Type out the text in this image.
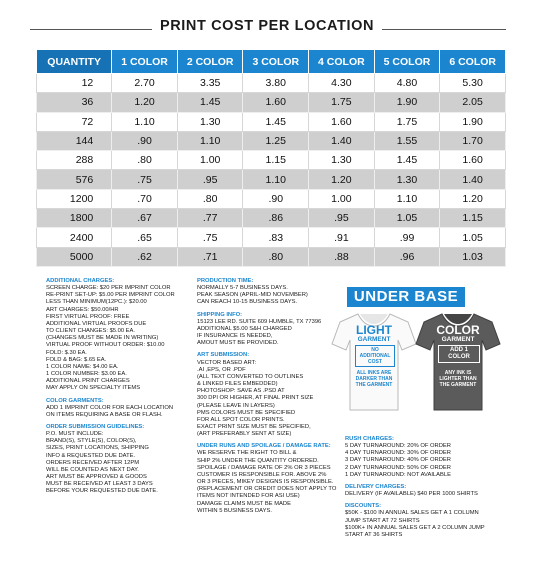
PRINT COST PER LOCATION
QUANTITY	1 COLOR	2 COLOR	3 COLOR	4 COLOR	5 COLOR	6 COLOR
12	2.70	3.35	3.80	4.30	4.80	5.30
36	1.20	1.45	1.60	1.75	1.90	2.05
72	1.10	1.30	1.45	1.60	1.75	1.90
144	.90	1.10	1.25	1.40	1.55	1.70
288	.80	1.00	1.15	1.30	1.45	1.60
576	.75	.95	1.10	1.20	1.30	1.40
1200	.70	.80	.90	1.00	1.10	1.20
1800	.67	.77	.86	.95	1.05	1.15
2400	.65	.75	.83	.91	.99	1.05
5000	.62	.71	.80	.88	.96	1.03

ADDITIONAL CHARGES:

SCREEN CHARGE: $20 PER IMPRINT COLOR

RE-PRINT SET-UP: $5.00 PER IMPRINT COLOR

LESS THAN MINIMUM(12PC.): $20.00

ART CHARGES: $50.00/HR

FIRST VIRTUAL PROOF: FREE

ADDITIONAL VIRTUAL PROOFS DUE

TO CLIENT CHANGES: $5.00 EA.

(CHANGES MUST BE MADE IN WRITING)

VIRTUAL PROOF WITHOUT ORDER: $10.00

FOLD: $.30 EA.

FOLD & BAG: $.65 EA.

1 COLOR NAME: $4.00 EA.

1 COLOR NUMBER: $3.00 EA.

ADDITIONAL PRINT CHARGES

MAY APPLY ON SPECIALTY ITEMS

COLOR GARMENTS:

ADD 1 IMPRINT COLOR FOR EACH LOCATION

ON ITEMS REQUIRING A BASE OR FLASH.

ORDER SUBMISSION GUIDELINES:

P.O. MUST INCLUDE:

BRAND(S), STYLE(S), COLOR(S),

SIZES, PRINT LOCATIONS, SHIPPING

INFO & REQUESTED DUE DATE.

ORDERS RECEIVED AFTER 12PM

WILL BE COUNTED AS NEXT DAY.

ART MUST BE APPROVED & GOODS

MUST BE RECEIVED AT LEAST 3 DAYS

BEFORE YOUR REQUESTED DUE DATE.

PRODUCTION TIME:

NORMALLY 5-7 BUSINESS DAYS.

PEAK SEASON (APRIL-MID NOVEMBER)

CAN REACH 10-15 BUSINESS DAYS.

SHIPPING INFO:

15123 LEE RD. SUITE 609 HUMBLE, TX 77396

ADDITIONAL $5.00 S&H CHARGED

IF INSURANCE IS NEEDED,

AMOUT MUST BE PROVIDED.

ART SUBMISSION:

VECTOR BASED ART:

.AI ,EPS, OR .PDF

(ALL TEXT CONVERTED TO OUTLINES

& LINKED FILES EMBEDDED)

PHOTOSHOP: SAVE AS .PSD AT

300 DPI OR HIGHER, AT FINAL PRINT SIZE

(PLEASE LEAVE IN LAYERS)

PMS COLORS MUST BE SPECIFIED

FOR ALL SPOT COLOR PRINTS.

EXACT PRINT SIZE MUST BE SPECIFIED,

(ART PREFERABLY SENT AT SIZE)

UNDER RUNS AND SPOILAGE / DAMAGE RATE:

WE RESERVE THE RIGHT TO BILL &

SHIP 2% UNDER THE QUANTITY ORDERED.

SPOILAGE / DAMAGE RATE OF 2% OR 3 PIECES

CUSTOMER IS RESPONSIBLE FOR. ABOVE 2%

OR 3 PIECES, MIKEY DESIGNS IS RESPONSIBLE.

(REPLACEMENT OR CREDIT DOES NOT APPLY TO

ITEMS NOT INTENDED FOR ASI USE)

DAMAGE CLAIMS MUST BE MADE

WITHIN 5 BUSINESS DAYS.

UNDER BASE
LIGHT
GARMENT
NO ADDITIONAL COST
ALL INKS ARE DARKER THAN THE GARMENT
COLOR
GARMENT
ADD 1 COLOR
ANY INK IS LIGHTER THAN THE GARMENT

RUSH CHARGES:

5 DAY TURNAROUND: 20% OF ORDER

4 DAY TURNAROUND: 30% OF ORDER

3 DAY TURNAROUND: 40% OF ORDER

2 DAY TURNAROUND: 50% OF ORDER

1 DAY TURNAROUND: NOT AVAILABLE

DELIVERY CHARGES:

DELIVERY (IF AVAILABLE) $40 PER 1000 SHIRTS

DISCOUNTS:

$50K - $100 IN ANNUAL SALES GET A 1 COLUMN

JUMP START AT 72 SHIRTS

$100K+ IN ANNUAL SALES GET A 2 COLUMN JUMP

START AT 36 SHIRTS
